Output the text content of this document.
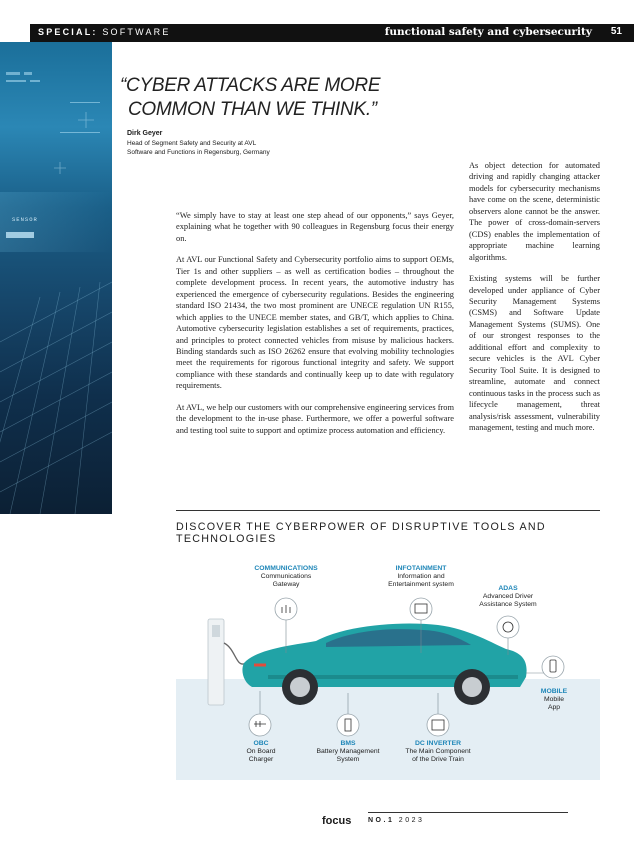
SPECIAL: SOFTWARE	functional safety and cybersecurity 51
SENSOR
“CYBER ATTACKS ARE MORE
COMMON THAN WE THINK.”
Dirk Geyer
Head of Segment Safety and Security at AVL
Software and Functions in Regensburg, Germany

“We simply have to stay at least one step ahead of our opponents,” says Geyer, explaining what he together with 90 colleagues in Regensburg focus their energy on.

At AVL our Functional Safety and Cybersecurity portfolio aims to support OEMs, Tier 1s and other suppliers – as well as certification bodies – throughout the complete development process. In recent years, the automotive industry has experienced the emergence of cybersecurity regulations. Besides the engineering standard ISO 21434, the two most prominent are UNECE regulation UN R155, which applies to the UNECE member states, and GB/T, which applies to China. Automotive cybersecurity legislation establishes a set of requirements, practices, and principles to protect connected vehicles from misuse by malicious hackers. Binding standards such as ISO 26262 ensure that evolving mobility technologies meet the requirements for rigorous functional integrity and safety. We support compliance with these standards and continually keep up to date with regulatory requirements.

At AVL, we help our customers with our comprehensive engineering services from the development to the in-use phase. Furthermore, we offer a powerful software and testing tool suite to support and optimize process automation and efficiency.

As object detection for automated driving and rapidly changing attacker models for cybersecurity mechanisms have come on the scene, deterministic observers alone cannot be the answer. The power of cross-domain-servers (CDS) enables the implementation of appropriate machine learning algorithms.

Existing systems will be further developed under appliance of Cyber Security Management Systems (CSMS) and Software Update Management Systems (SUMS). One of our strongest responses to the additional effort and complexity to secure vehicles is the AVL Cyber Security Tool Suite. It is designed to streamline, automate and connect continuous tasks in the process such as lifecycle management, threat analysis/risk assessment, vulnerability management, testing and much more.

DISCOVER THE CYBERPOWER OF DISRUPTIVE TOOLS AND TECHNOLOGIES
COMMUNICATIONS
Communications
Gateway
INFOTAINMENT
Information and
Entertainment system
ADAS
Advanced Driver
Assistance System
MOBILE
Mobile
App
OBC
On Board
Charger
BMS
Battery Management
System
DC INVERTER
The Main Component
of the Drive Train
focus NO.1 2023
